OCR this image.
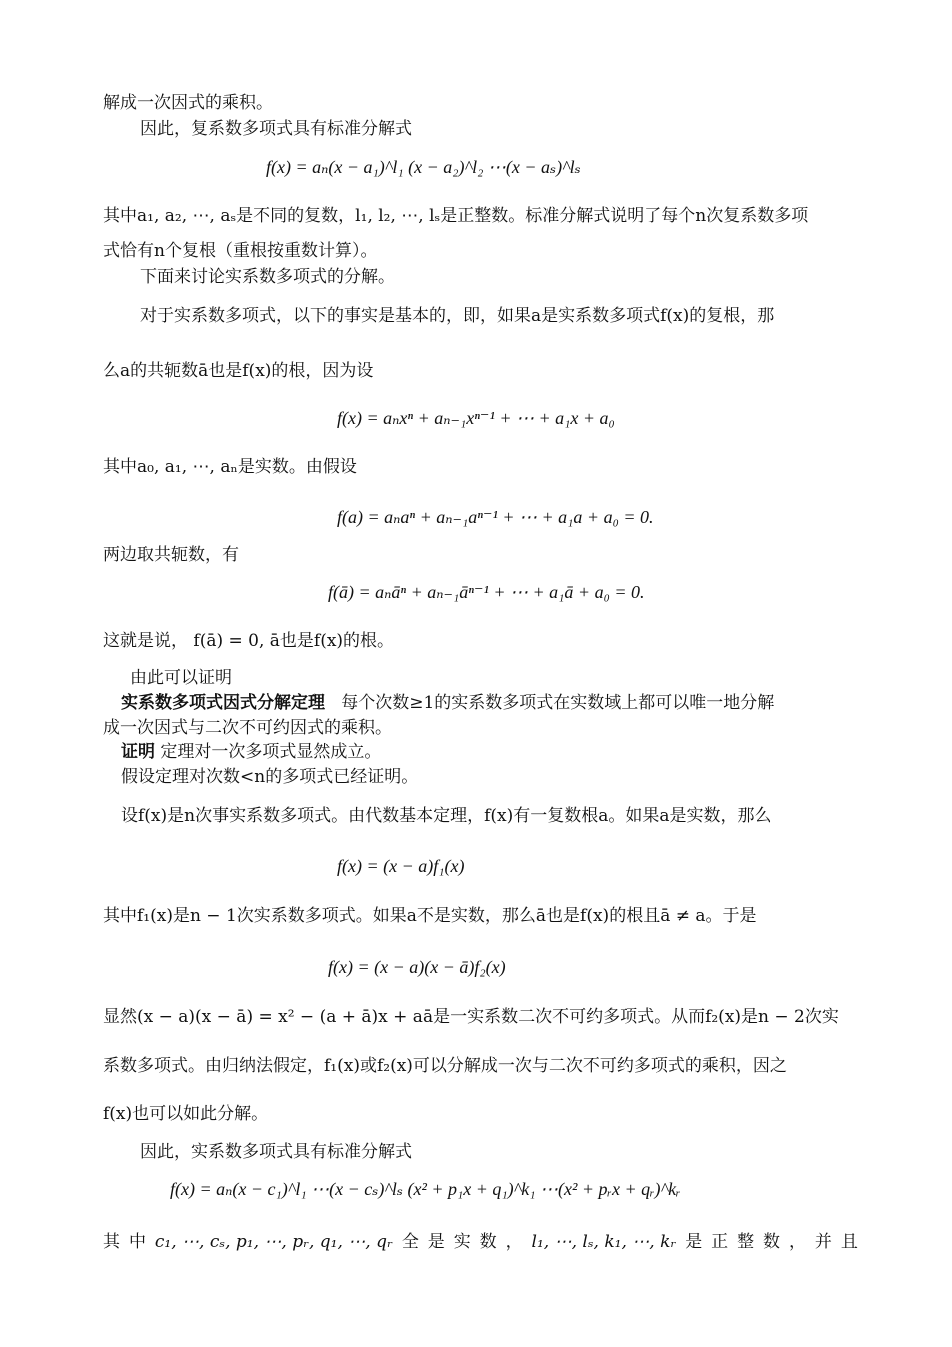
解成一次因式的乘积。
因此，复系数多项式具有标准分解式
f(x) = aₙ(x − a₁)^l₁ (x − a₂)^l₂ ⋯(x − aₛ)^lₛ
其中a₁, a₂, ⋯, aₛ是不同的复数，l₁, l₂, ⋯, lₛ是正整数。标准分解式说明了每个n次复系数多项
式恰有n个复根（重根按重数计算）。
下面来讨论实系数多项式的分解。
对于实系数多项式，以下的事实是基本的，即，如果a是实系数多项式f(x)的复根，那
么a的共轭数ā也是f(x)的根，因为设
f(x) = aₙxⁿ + aₙ₋₁xⁿ⁻¹ + ⋯ + a₁x + a₀
其中a₀, a₁, ⋯, aₙ是实数。由假设
f(a) = aₙaⁿ + aₙ₋₁aⁿ⁻¹ + ⋯ + a₁a + a₀ = 0.
两边取共轭数，有
f(ā) = aₙāⁿ + aₙ₋₁āⁿ⁻¹ + ⋯ + a₁ā + a₀ = 0.
这就是说， f(ā) = 0, ā也是f(x)的根。
由此可以证明
实系数多项式因式分解定理 每个次数≥1的实系数多项式在实数域上都可以唯一地分解
成一次因式与二次不可约因式的乘积。
证明 定理对一次多项式显然成立。
假设定理对次数<n的多项式已经证明。
设f(x)是n次事实系数多项式。由代数基本定理，f(x)有一复数根a。如果a是实数，那么
f(x) = (x − a)f₁(x)
其中f₁(x)是n − 1次实系数多项式。如果a不是实数，那么ā也是f(x)的根且ā ≠ a。于是
f(x) = (x − a)(x − ā)f₂(x)
显然(x − a)(x − ā) = x² − (a + ā)x + aā是一实系数二次不可约多项式。从而f₂(x)是n − 2次实
系数多项式。由归纳法假定，f₁(x)或f₂(x)可以分解成一次与二次不可约多项式的乘积，因之
f(x)也可以如此分解。
因此，实系数多项式具有标准分解式
f(x) = aₙ(x − c₁)^l₁ ⋯(x − cₛ)^lₛ (x² + p₁x + q₁)^k₁ ⋯(x² + pᵣx + qᵣ)^kᵣ
其 中 c₁, ⋯, cₛ, p₁, ⋯, pᵣ, q₁, ⋯, qᵣ 全 是 实 数 ， l₁, ⋯, lₛ, k₁, ⋯, kᵣ 是 正 整 数 ， 并 且
